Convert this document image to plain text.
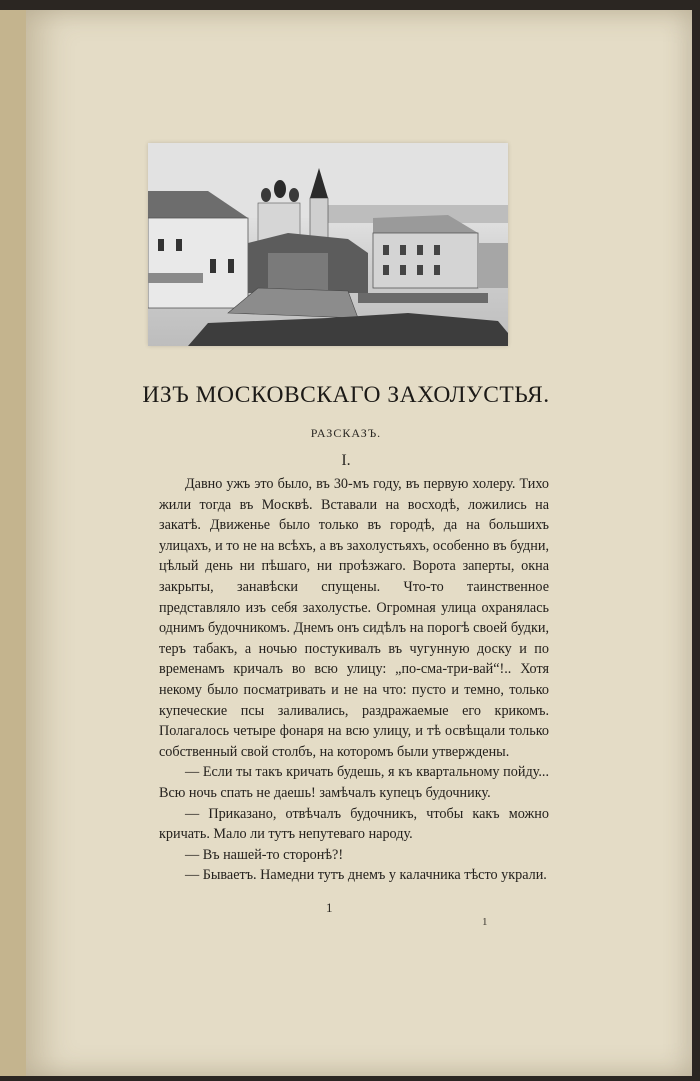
ИЗЪ МОСКОВСКАГО ЗАХОЛУСТЬЯ.
РАЗСКАЗЪ.
I.

Давно ужъ это было, въ 30-мъ году, въ первую холеру. Тихо жили тогда въ Москвѣ. Вставали на восходѣ, ложились на закатѣ. Движенье было только въ городѣ, да на большихъ улицахъ, и то не на всѣхъ, а въ захолустьяхъ, особенно въ будни, цѣлый день ни пѣшаго, ни проѣзжаго. Ворота заперты, окна закрыты, занавѣски спущены. Что-то таинственное представляло изъ себя захолустье. Огромная улица охранялась однимъ будочникомъ. Днемъ онъ сидѣлъ на порогѣ своей будки, теръ табакъ, а ночью постукивалъ въ чугунную доску и по временамъ кричалъ во всю улицу: „по-сма-три-вай“!.. Хотя некому было посматривать и не на что: пусто и темно, только купеческие псы заливались, раздражаемые его крикомъ. Полагалось четыре фонаря на всю улицу, и тѣ освѣщали только собственный свой столбъ, на которомъ были утверждены.

— Если ты такъ кричать будешь, я къ квартальному пойду... Всю ночь спать не даешь! замѣчалъ купецъ будочнику.

— Приказано, отвѣчалъ будочникъ, чтобы какъ можно кричать. Мало ли тутъ непутеваго народу.

— Въ нашей-то сторонѣ?!

— Бываетъ. Намедни тутъ днемъ у калачника тѣсто украли.

1
1
